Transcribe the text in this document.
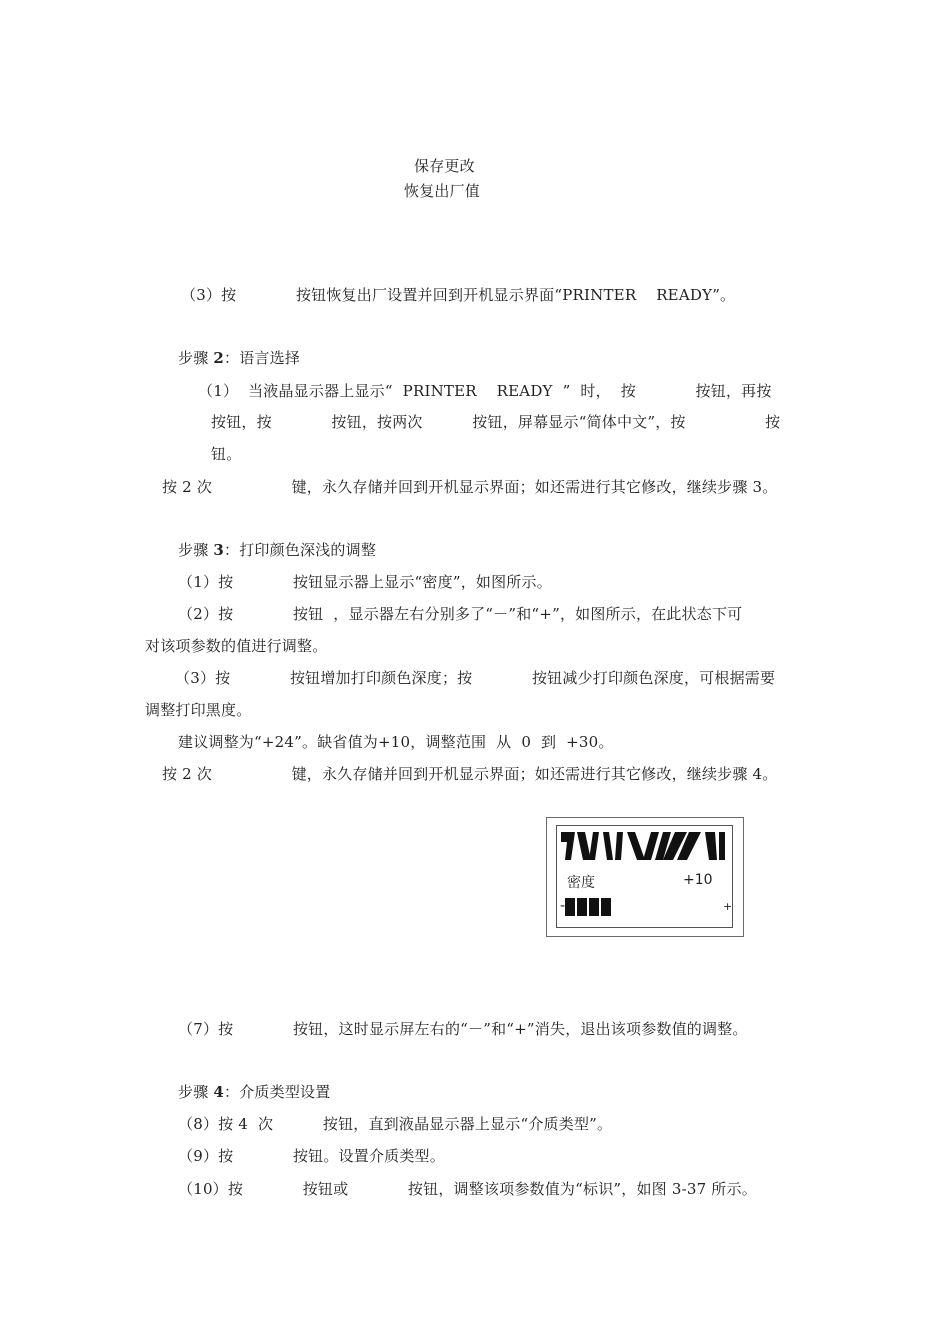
保存更改
恢复出厂值
（3）按            按钮恢复出厂设置并回到开机显示界面“PRINTER    READY”。
步骤 2：语言选择
（1）  当液晶显示器上显示“  PRINTER    READY  ”  时，  按            按钮，再按
按钮，按            按钮，按两次          按钮，屏幕显示“简体中文”，按                按
钮。
按 2 次                键，永久存储并回到开机显示界面；如还需进行其它修改，继续步骤 3。
步骤 3：打印颜色深浅的调整
（1）按            按钮显示器上显示“密度”，如图所示。
（2）按            按钮  ，显示器左右分别多了“－”和“+”，如图所示，在此状态下可
对该项参数的值进行调整。
（3）按            按钮增加打印颜色深度；按            按钮减少打印颜色深度，可根据需要
调整打印黑度。
建议调整为“+24”。缺省值为+10，调整范围  从  0  到  +30。
按 2 次                键，永久存储并回到开机显示界面；如还需进行其它修改，继续步骤 4。
密度	+10
-	+
（7）按            按钮，这时显示屏左右的“－”和“+”消失，退出该项参数值的调整。
步骤 4：介质类型设置
（8）按 4  次          按钮，直到液晶显示器上显示“介质类型”。
（9）按            按钮。设置介质类型。
（10）按            按钮或            按钮，调整该项参数值为“标识”，如图 3-37 所示。
